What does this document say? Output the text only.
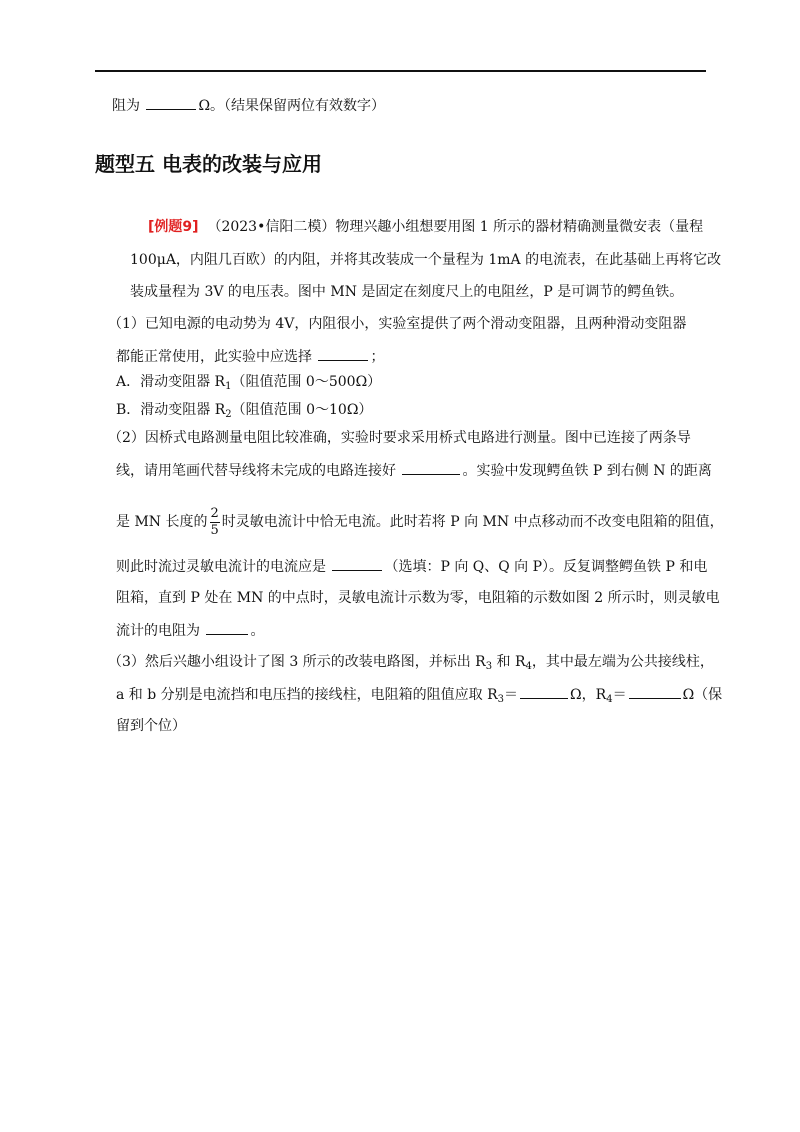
阻为	Ω。（结果保留两位有效数字）
题型五 电表的改装与应用
[例题9] （2023•信阳二模）物理兴趣小组想要用图 1 所示的器材精确测量微安表（量程
100μA，内阻几百欧）的内阻，并将其改装成一个量程为 1mA 的电流表，在此基础上再将它改
装成量程为 3V 的电压表。图中 MN 是固定在刻度尺上的电阻丝，P 是可调节的鳄鱼铁。
（1）已知电源的电动势为 4V，内阻很小，实验室提供了两个滑动变阻器，且两种滑动变阻器
都能正常使用，此实验中应选择	；
A．滑动变阻器 $R_1$（阻值范围 0～500Ω）
B．滑动变阻器 $R_2$（阻值范围 0～10Ω）
（2）因桥式电路测量电阻比较准确，实验时要求采用桥式电路进行测量。图中已连接了两条导
线，请用笔画代替导线将未完成的电路连接好	。实验中发现鳄鱼铁 P 到右侧 N 的距离
是 MN 长度的 $\frac{2}{5}$ 时灵敏电流计中恰无电流。此时若将 P 向 MN 中点移动而不改变电阻箱的阻值，
则此时流过灵敏电流计的电流应是	（选填：P 向 Q、Q 向 P）。反复调整鳄鱼铁 P 和电
阻箱，直到 P 处在 MN 的中点时，灵敏电流计示数为零，电阻箱的示数如图 2 所示时，则灵敏电
流计的电阻为	。
（3）然后兴趣小组设计了图 3 所示的改装电路图，并标出 $R_3$ 和 $R_4$，其中最左端为公共接线柱，
a 和 b 分别是电流挡和电压挡的接线柱，电阻箱的阻值应取 $R_3=$	Ω，$R_4=$	Ω（保
留到个位）
